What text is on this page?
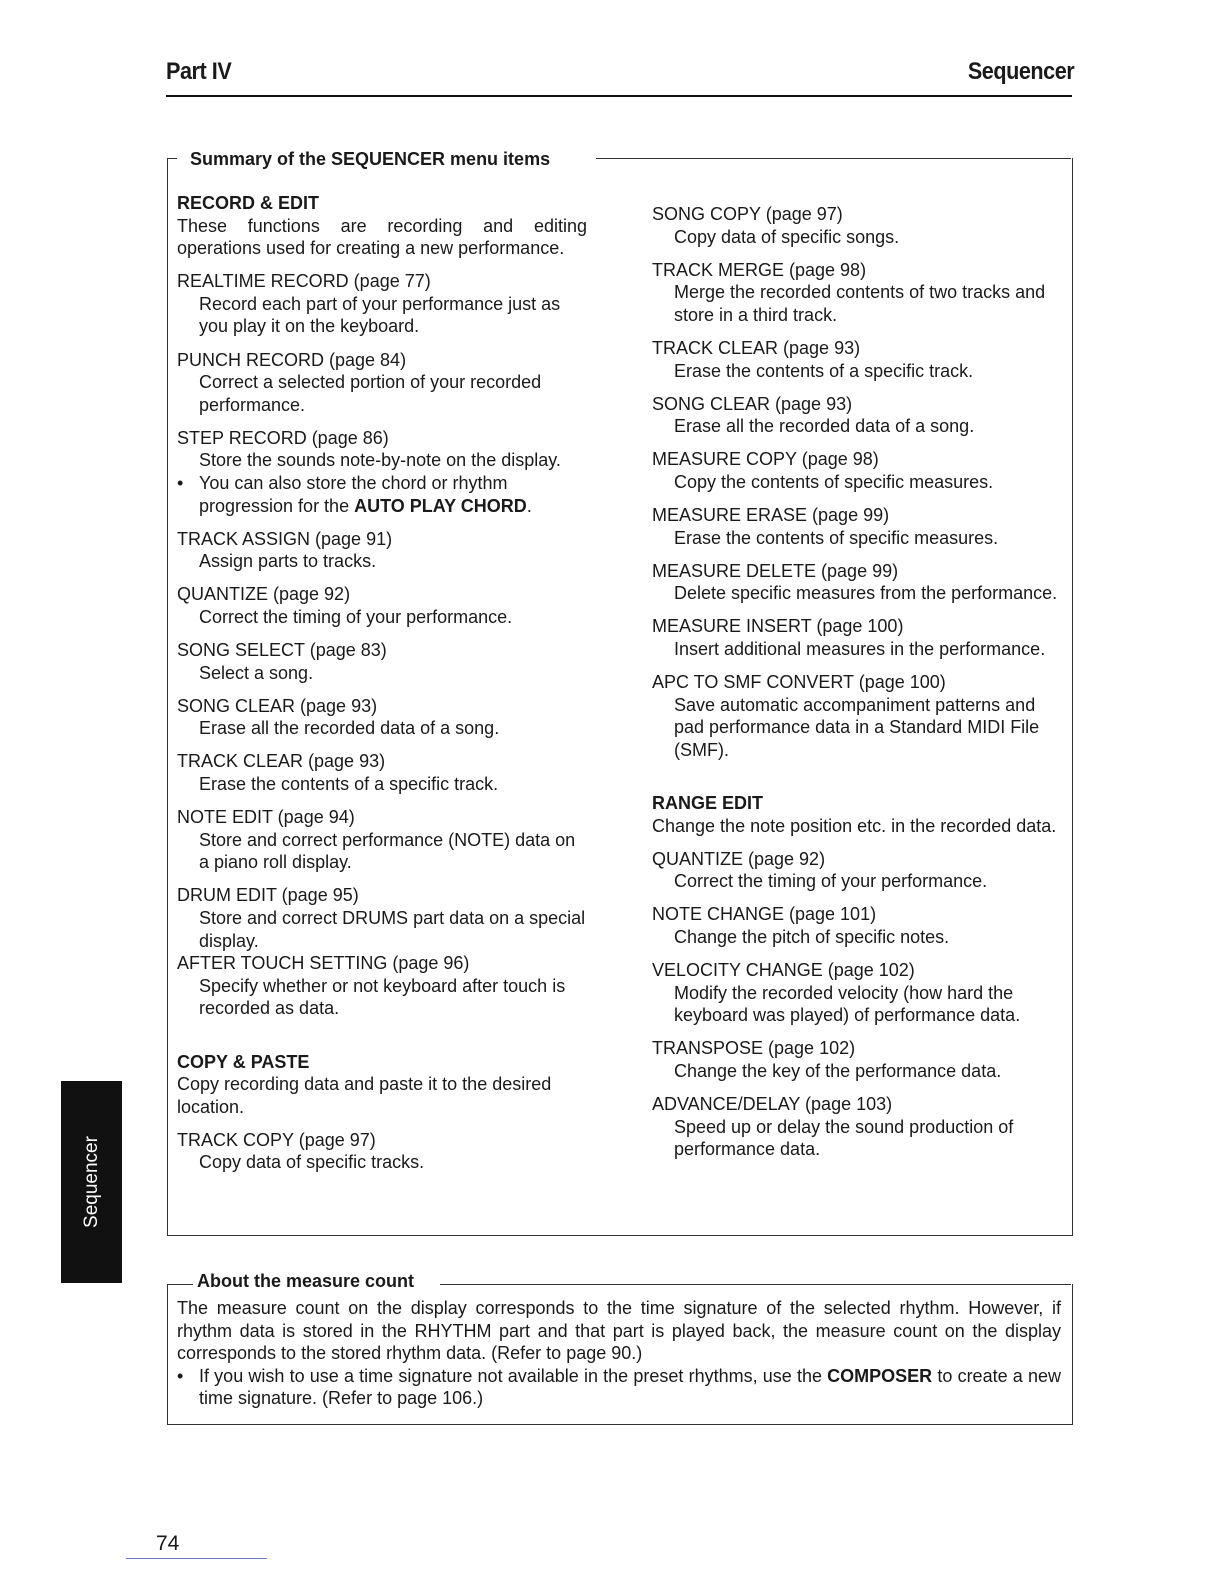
Part IV	Sequencer
Summary of the SEQUENCER menu items
RECORD & EDIT
These functions are recording and editing operations used for creating a new performance.
REALTIME RECORD (page 77)
Record each part of your performance just as you play it on the keyboard.
PUNCH RECORD (page 84)
Correct a selected portion of your recorded performance.
STEP RECORD (page 86)
Store the sounds note-by-note on the display.
• You can also store the chord or rhythm progression for the AUTO PLAY CHORD.
TRACK ASSIGN (page 91)
Assign parts to tracks.
QUANTIZE (page 92)
Correct the timing of your performance.
SONG SELECT (page 83)
Select a song.
SONG CLEAR (page 93)
Erase all the recorded data of a song.
TRACK CLEAR (page 93)
Erase the contents of a specific track.
NOTE EDIT (page 94)
Store and correct performance (NOTE) data on a piano roll display.
DRUM EDIT (page 95)
Store and correct DRUMS part data on a special display.
AFTER TOUCH SETTING (page 96)
Specify whether or not keyboard after touch is recorded as data.
COPY & PASTE
Copy recording data and paste it to the desired location.
TRACK COPY (page 97)
Copy data of specific tracks.
SONG COPY (page 97)
Copy data of specific songs.
TRACK MERGE (page 98)
Merge the recorded contents of two tracks and store in a third track.
TRACK CLEAR (page 93)
Erase the contents of a specific track.
SONG CLEAR (page 93)
Erase all the recorded data of a song.
MEASURE COPY (page 98)
Copy the contents of specific measures.
MEASURE ERASE (page 99)
Erase the contents of specific measures.
MEASURE DELETE (page 99)
Delete specific measures from the performance.
MEASURE INSERT (page 100)
Insert additional measures in the performance.
APC TO SMF CONVERT (page 100)
Save automatic accompaniment patterns and pad performance data in a Standard MIDI File (SMF).
RANGE EDIT
Change the note position etc. in the recorded data.
QUANTIZE (page 92)
Correct the timing of your performance.
NOTE CHANGE (page 101)
Change the pitch of specific notes.
VELOCITY CHANGE (page 102)
Modify the recorded velocity (how hard the keyboard was played) of performance data.
TRANSPOSE (page 102)
Change the key of the performance data.
ADVANCE/DELAY (page 103)
Speed up or delay the sound production of performance data.
About the measure count
The measure count on the display corresponds to the time signature of the selected rhythm. However, if rhythm data is stored in the RHYTHM part and that part is played back, the measure count on the display corresponds to the stored rhythm data. (Refer to page 90.)
• If you wish to use a time signature not available in the preset rhythms, use the COMPOSER to create a new time signature. (Refer to page 106.)
Sequencer
74
